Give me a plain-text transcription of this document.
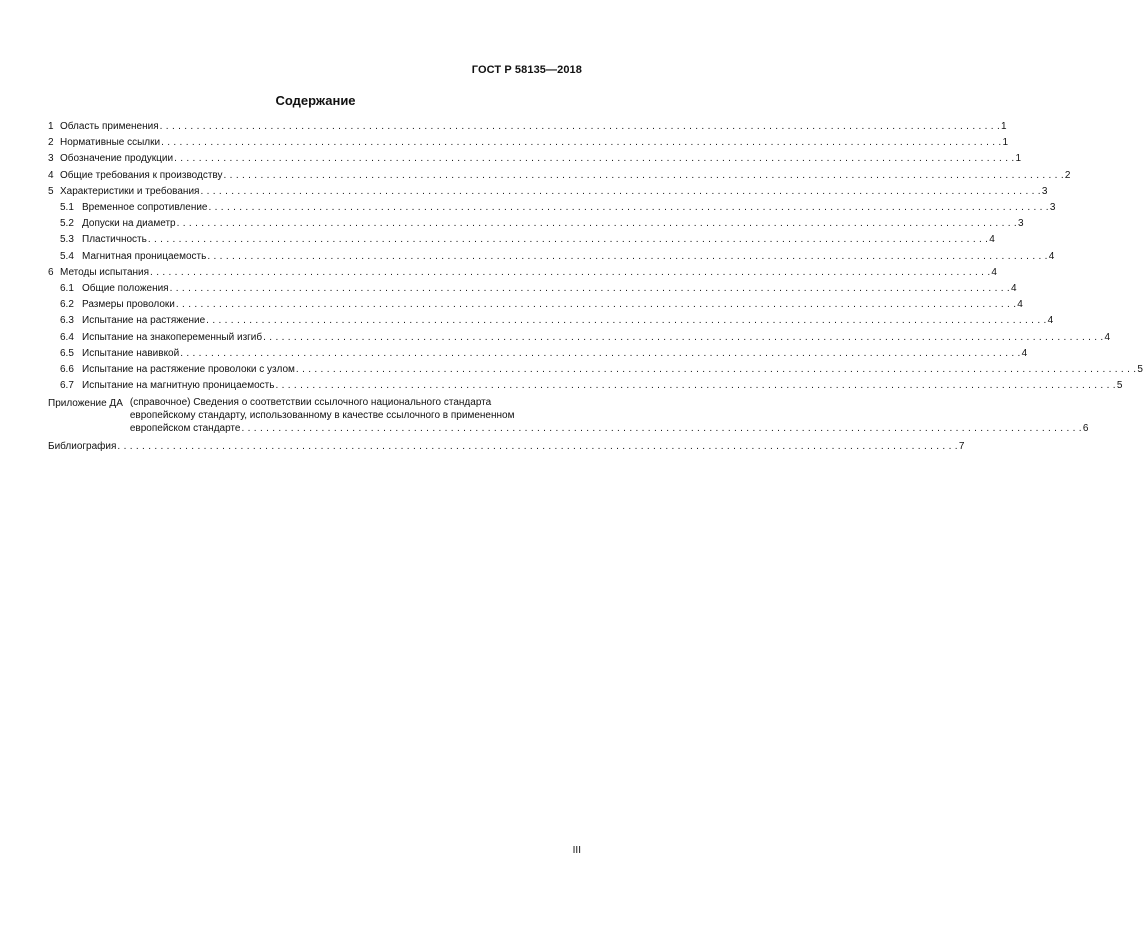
ГОСТ Р 58135—2018
Содержание
1 Область применения . . .	1
2 Нормативные ссылки . . .	1
3 Обозначение продукции . . .	1
4 Общие требования к производству . . .	2
5 Характеристики и требования . . .	3
5.1 Временное сопротивление . . .	3
5.2 Допуски на диаметр . . .	3
5.3 Пластичность . . .	4
5.4 Магнитная проницаемость . . .	4
6 Методы испытания . . .	4
6.1 Общие положения . . .	4
6.2 Размеры проволоки . . .	4
6.3 Испытание на растяжение . . .	4
6.4 Испытание на знакопеременный изгиб . . .	4
6.5 Испытание навивкой . . .	4
6.6 Испытание на растяжение проволоки с узлом . . .	5
6.7 Испытание на магнитную проницаемость . . .	5
Приложение ДА (справочное) Сведения о соответствии ссылочного национального стандарта
европейскому стандарту, использованному в качестве ссылочного в примененном
европейском стандарте . . .	6
Библиография . . .	7
III
